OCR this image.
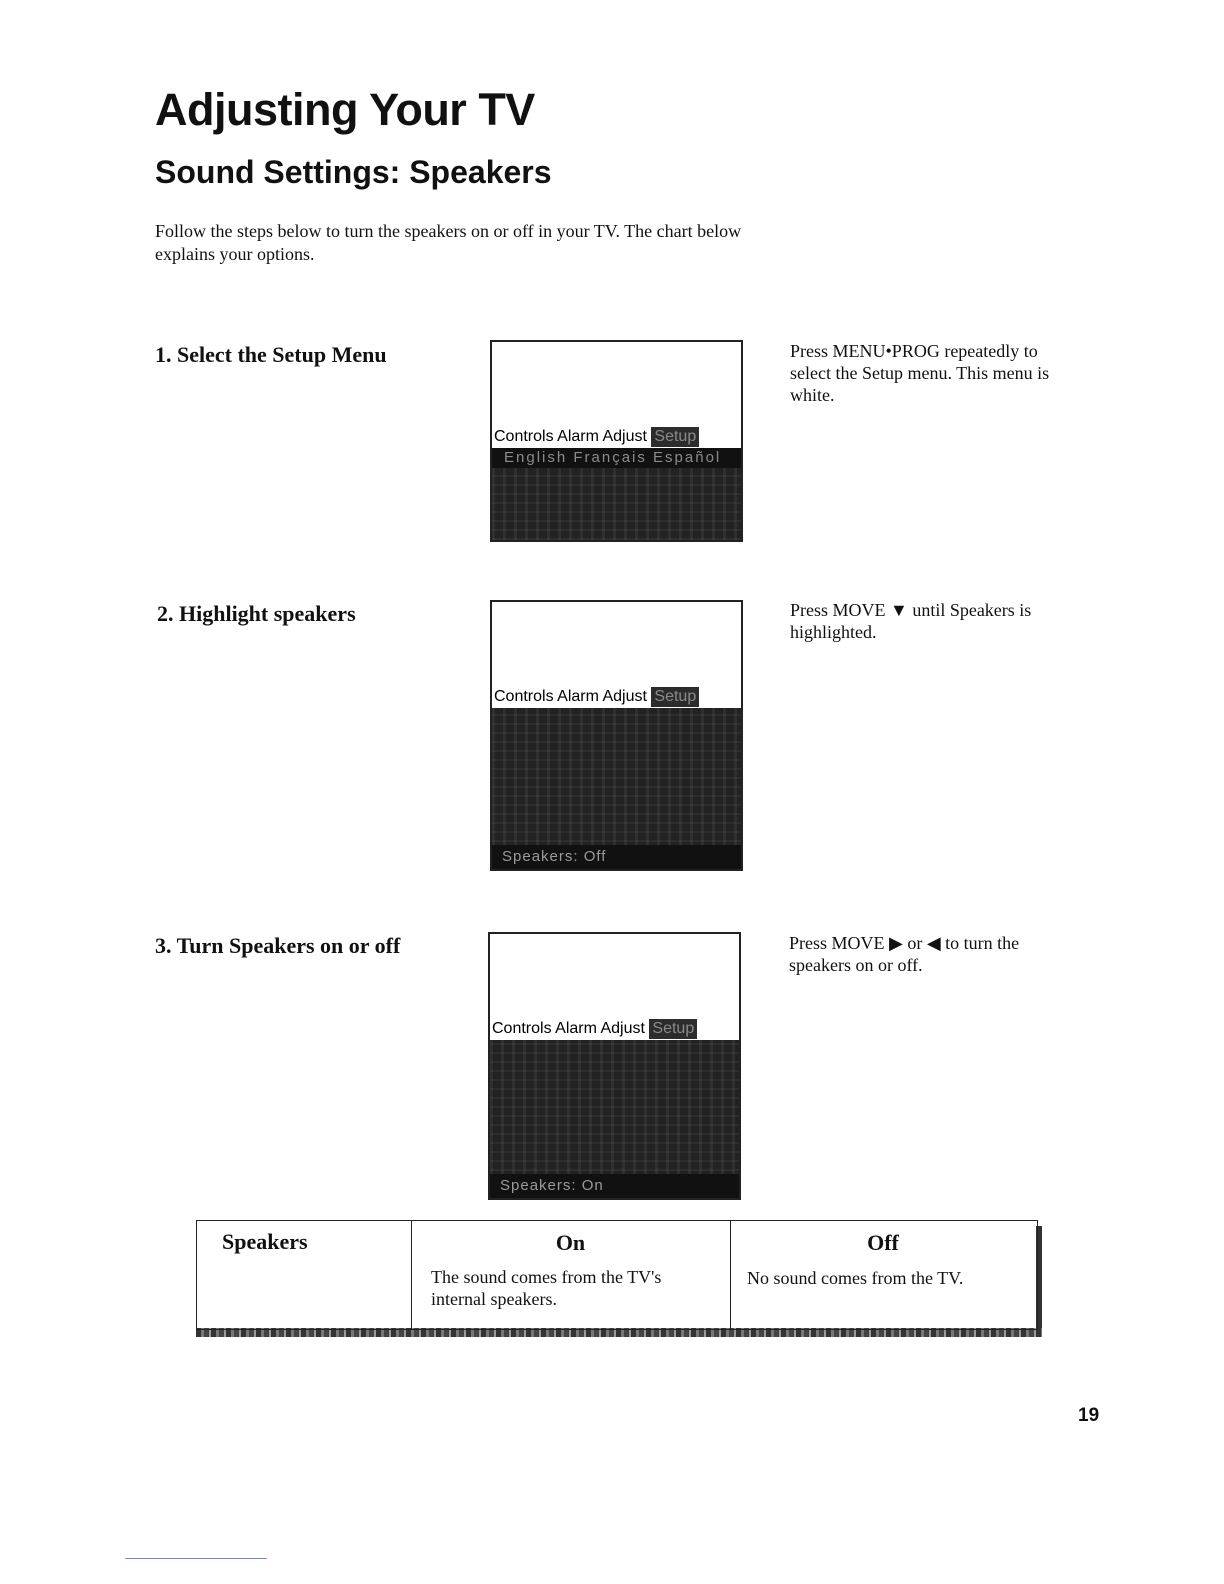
Adjusting Your TV
Sound Settings: Speakers
Follow the steps below to turn the speakers on or off in your TV. The chart below explains your options.
1. Select the Setup Menu
Controls Alarm Adjust Setup
English Français Español
Press MENU•PROG repeatedly to select the Setup menu. This menu is white.
2. Highlight speakers
Controls Alarm Adjust Setup
Speakers: Off
Press MOVE ▼ until Speakers is highlighted.
3. Turn Speakers on or off
Controls Alarm Adjust Setup
Speakers: On
Press MOVE ▶ or ◀ to turn the speakers on or off.
Speakers	On
The sound comes from the TV's internal speakers.
Off
No sound comes from the TV.
19
